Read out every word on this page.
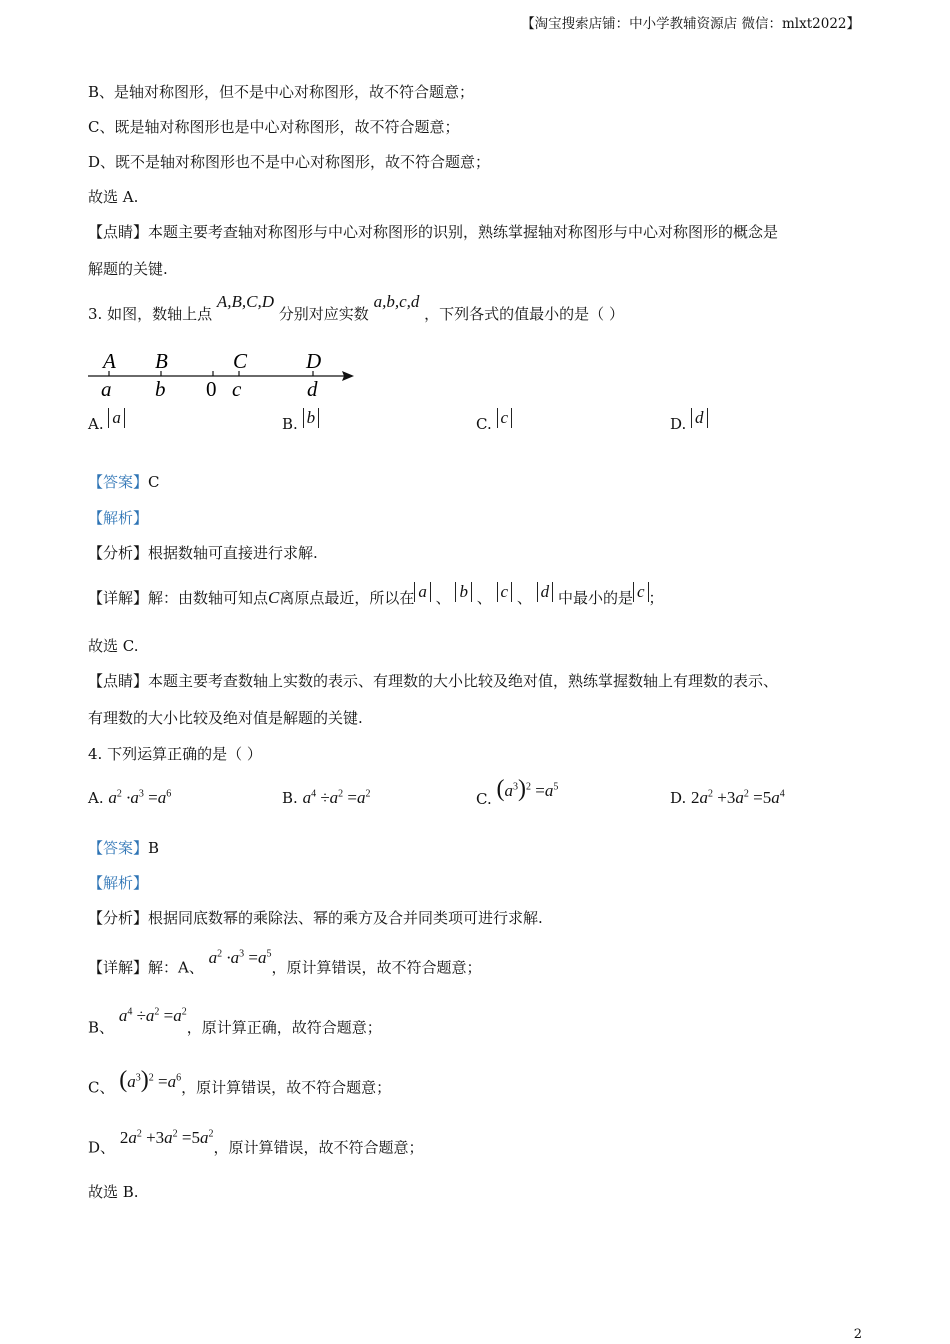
【淘宝搜索店铺：中小学教辅资源店 微信：mlxt2022】
B、是轴对称图形，但不是中心对称图形，故不符合题意；
C、既是轴对称图形也是中心对称图形，故不符合题意；
D、既不是轴对称图形也不是中心对称图形，故不符合题意；
故选 A.
【点睛】本题主要考查轴对称图形与中心对称图形的识别，熟练掌握轴对称图形与中心对称图形的概念是
解题的关键.
3. 如图，数轴上点 A,B,C,D 分别对应实数 a,b,c,d ，下列各式的值最小的是（ ）
A B	C	D
a b 0 c	d
A. a	B. b	C. c	D. d
【答案】C
【解析】
【分析】根据数轴可直接进行求解.
【详解】解：由数轴可知点C离原点最近，所以在 a 、 b 、 c 、 d 中最小的是 c ；
故选 C.
【点睛】本题主要考查数轴上实数的表示、有理数的大小比较及绝对值，熟练掌握数轴上有理数的表示、
有理数的大小比较及绝对值是解题的关键.
4. 下列运算正确的是（ ）
A. $a^2 \cdot a^3 =a^6$	B. $a^4 \div a^2 =a^2$	C. $(a^3)^2 =a^5$
D. $2a^2 +3a^2 =5a^4$
【答案】B
【解析】
【分析】根据同底数幂的乘除法、幂的乘方及合并同类项可进行求解.
【详解】解：A、 $a^2 \cdot a^3 =a^5$，原计算错误，故不符合题意；
B、 $a^4 \div a^2 =a^2$，原计算正确，故符合题意；
C、 $(a^3)^2 =a^6$，原计算错误，故不符合题意；
D、 $2a^2 +3a^2 =5a^2$，原计算错误，故不符合题意；
故选 B.
2
